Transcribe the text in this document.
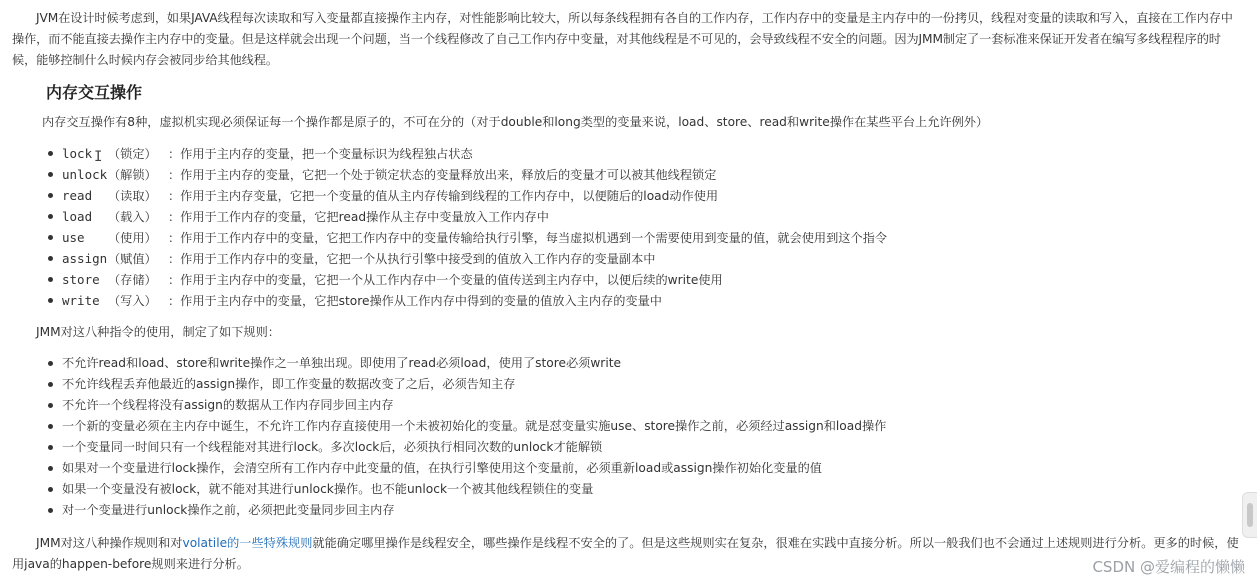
JVM在设计时候考虑到，如果JAVA线程每次读取和写入变量都直接操作主内存，对性能影响比较大，所以每条线程拥有各自的工作内存，工作内存中的变量是主内存中的一份拷贝，线程对变量的读取和写入，直接在工作内存中操作，而不能直接去操作主内存中的变量。但是这样就会出现一个问题，当一个线程修改了自己工作内存中变量，对其他线程是不可见的，会导致线程不安全的问题。因为JMM制定了一套标准来保证开发者在编写多线程程序的时候，能够控制什么时候内存会被同步给其他线程。

内存交互操作
内存交互操作有8种，虚拟机实现必须保证每一个操作都是原子的，不可在分的（对于double和long类型的变量来说，load、store、read和write操作在某些平台上允许例外）
lock （锁定） ：作用于主内存的变量，把一个变量标识为线程独占状态
unlock（解锁） ：作用于主内存的变量，它把一个处于锁定状态的变量释放出来，释放后的变量才可以被其他线程锁定
read （读取） ：作用于主内存变量，它把一个变量的值从主内存传输到线程的工作内存中，以便随后的load动作使用
load （载入） ：作用于工作内存的变量，它把read操作从主存中变量放入工作内存中
use （使用） ：作用于工作内存中的变量，它把工作内存中的变量传输给执行引擎，每当虚拟机遇到一个需要使用到变量的值，就会使用到这个指令
assign（赋值） ：作用于工作内存中的变量，它把一个从执行引擎中接受到的值放入工作内存的变量副本中
store （存储） ：作用于主内存中的变量，它把一个从工作内存中一个变量的值传送到主内存中，以便后续的write使用
write （写入） ：作用于主内存中的变量，它把store操作从工作内存中得到的变量的值放入主内存的变量中
JMM对这八种指令的使用，制定了如下规则：
不允许read和load、store和write操作之一单独出现。即使用了read必须load，使用了store必须write
不允许线程丢弃他最近的assign操作，即工作变量的数据改变了之后，必须告知主存
不允许一个线程将没有assign的数据从工作内存同步回主内存
一个新的变量必须在主内存中诞生，不允许工作内存直接使用一个未被初始化的变量。就是怼变量实施use、store操作之前，必须经过assign和load操作
一个变量同一时间只有一个线程能对其进行lock。多次lock后，必须执行相同次数的unlock才能解锁
如果对一个变量进行lock操作，会清空所有工作内存中此变量的值，在执行引擎使用这个变量前，必须重新load或assign操作初始化变量的值
如果一个变量没有被lock，就不能对其进行unlock操作。也不能unlock一个被其他线程锁住的变量
对一个变量进行unlock操作之前，必须把此变量同步回主内存

JMM对这八种操作规则和对volatile的一些特殊规则就能确定哪里操作是线程安全，哪些操作是线程不安全的了。但是这些规则实在复杂，很难在实践中直接分析。所以一般我们也不会通过上述规则进行分析。更多的时候，使用java的happen-before规则来进行分析。

I
CSDN @爱编程的懒懒
